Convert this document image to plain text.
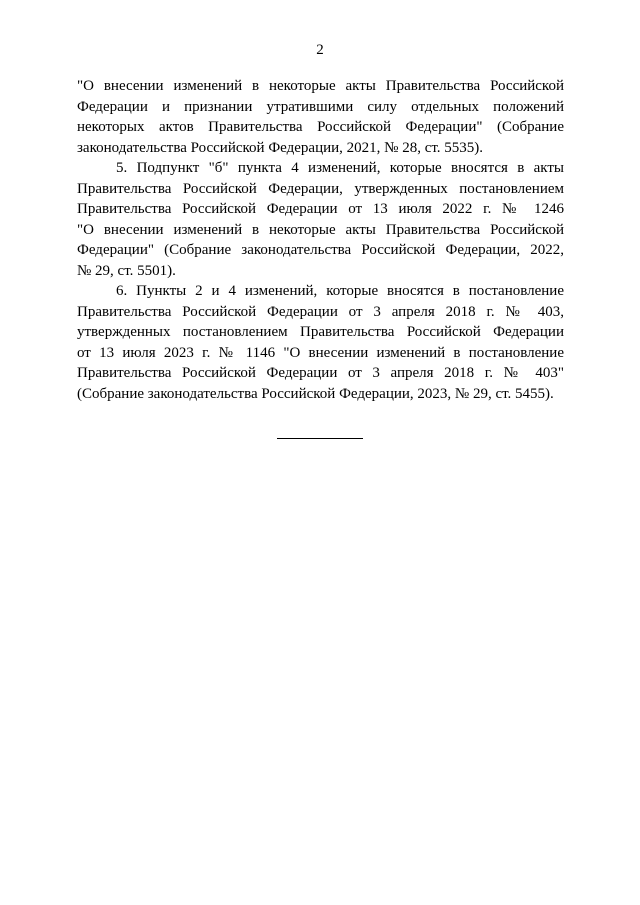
2
"О внесении изменений в некоторые акты Правительства Российской
Федерации и признании утратившими силу отдельных положений
некоторых актов Правительства Российской Федерации" (Собрание
законодательства Российской Федерации, 2021, № 28, ст. 5535).
5. Подпункт "б" пункта 4 изменений, которые вносятся в акты
Правительства Российской Федерации, утвержденных постановлением
Правительства Российской Федерации от 13 июля 2022 г. № 1246
"О внесении изменений в некоторые акты Правительства Российской
Федерации" (Собрание законодательства Российской Федерации, 2022,
№ 29, ст. 5501).
6. Пункты 2 и 4 изменений, которые вносятся в постановление
Правительства Российской Федерации от 3 апреля 2018 г. № 403,
утвержденных постановлением Правительства Российской Федерации
от 13 июля 2023 г. № 1146 "О внесении изменений в постановление
Правительства Российской Федерации от 3 апреля 2018 г. № 403"
(Собрание законодательства Российской Федерации, 2023, № 29, ст. 5455).
